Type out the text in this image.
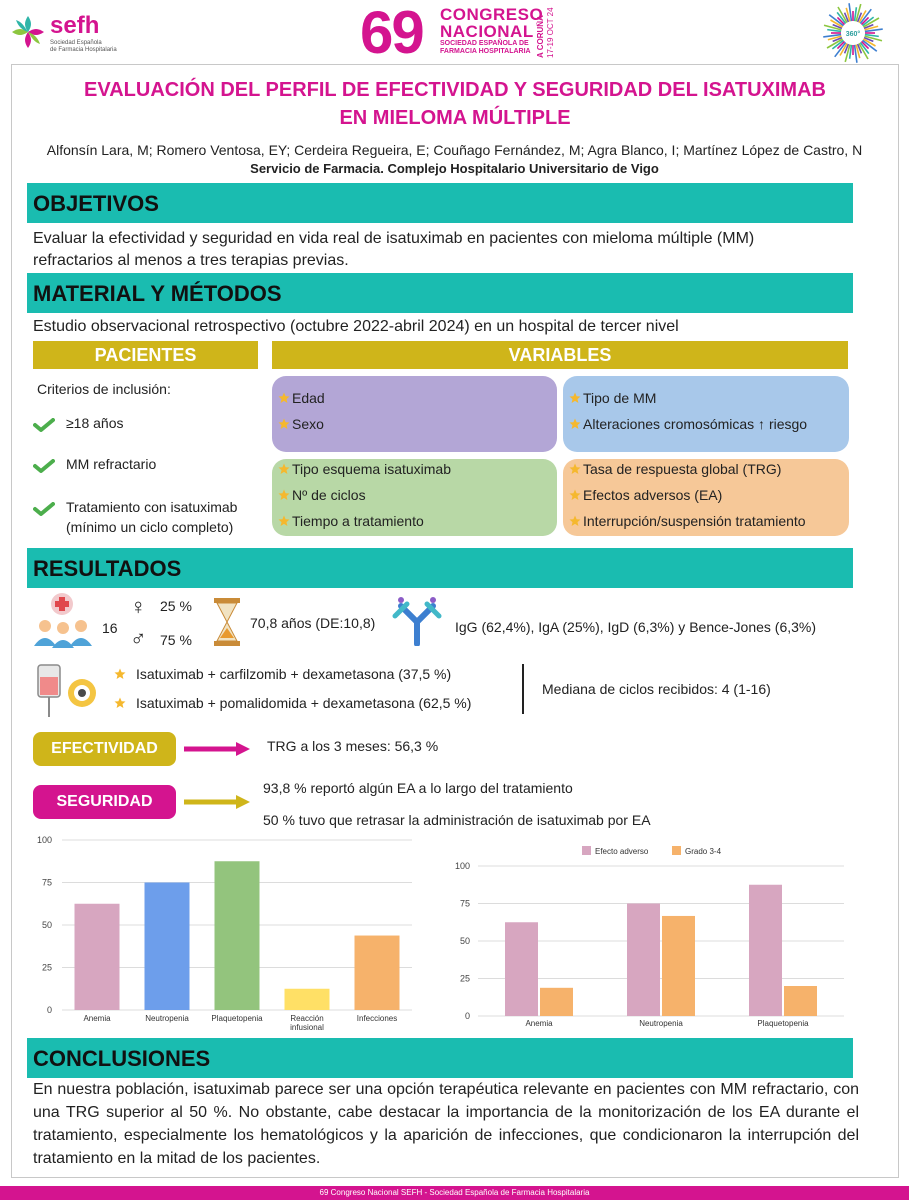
sefh
Sociedad Española
de Farmacia Hospitalaria	69 CONGRESO
NACIONAL
SOCIEDAD ESPAÑOLA DE
FARMACIA HOSPITALARIA A CORUÑA 17-19 OCT 24	360°
EVALUACIÓN DEL PERFIL DE EFECTIVIDAD Y SEGURIDAD DEL ISATUXIMAB
EN MIELOMA MÚLTIPLE
Alfonsín Lara, M; Romero Ventosa, EY; Cerdeira Regueira, E; Couñago Fernández, M; Agra Blanco, I; Martínez López de Castro, N
Servicio de Farmacia. Complejo Hospitalario Universitario de Vigo
OBJETIVOS
Evaluar la efectividad y seguridad en vida real de isatuximab en pacientes con mieloma múltiple (MM)
refractarios al menos a tres terapias previas.
MATERIAL Y MÉTODOS
Estudio observacional retrospectivo (octubre 2022-abril 2024) en un hospital de tercer nivel
PACIENTES	VARIABLES
Criterios de inclusión:
≥18 años
MM refractario
Tratamiento con isatuximab
(mínimo un ciclo completo)
Edad
Sexo
Tipo de MM
Alteraciones cromosómicas ↑ riesgo
Tipo esquema isatuximab
Nº de ciclos
Tiempo a tratamiento
Tasa de respuesta global (TRG)
Efectos adversos (EA)
Interrupción/suspensión tratamiento
RESULTADOS
16
♀ 25 %
♂ 75 %
70,8 años (DE:10,8)	IgG (62,4%), IgA (25%), IgD (6,3%) y Bence-Jones (6,3%)
Isatuximab + carfilzomib + dexametasona (37,5 %)
Isatuximab + pomalidomida + dexametasona (62,5 %)
Mediana de ciclos recibidos: 4 (1-16)
EFECTIVIDAD	TRG a los 3 meses: 56,3 %
SEGURIDAD
93,8 % reportó algún EA a lo largo del tratamiento
50 % tuvo que retrasar la administración de isatuximab por EA
0
25
50
75
100
Anemia	Neutropenia	Plaquetopenia	Reacción
infusional
Infecciones
Efecto adverso	Grado 3-4
0
25
50
75
100
Anemia	Neutropenia	Plaquetopenia
CONCLUSIONES
En nuestra población, isatuximab parece ser una opción terapéutica relevante en pacientes con MM refractario, con una TRG superior al 50 %. No obstante, cabe destacar la importancia de la monitorización de los EA durante el tratamiento, especialmente los hematológicos y la aparición de infecciones, que condicionaron la interrupción del tratamiento en la mitad de los pacientes.
69 Congreso Nacional SEFH - Sociedad Española de Farmacia Hospitalaria
